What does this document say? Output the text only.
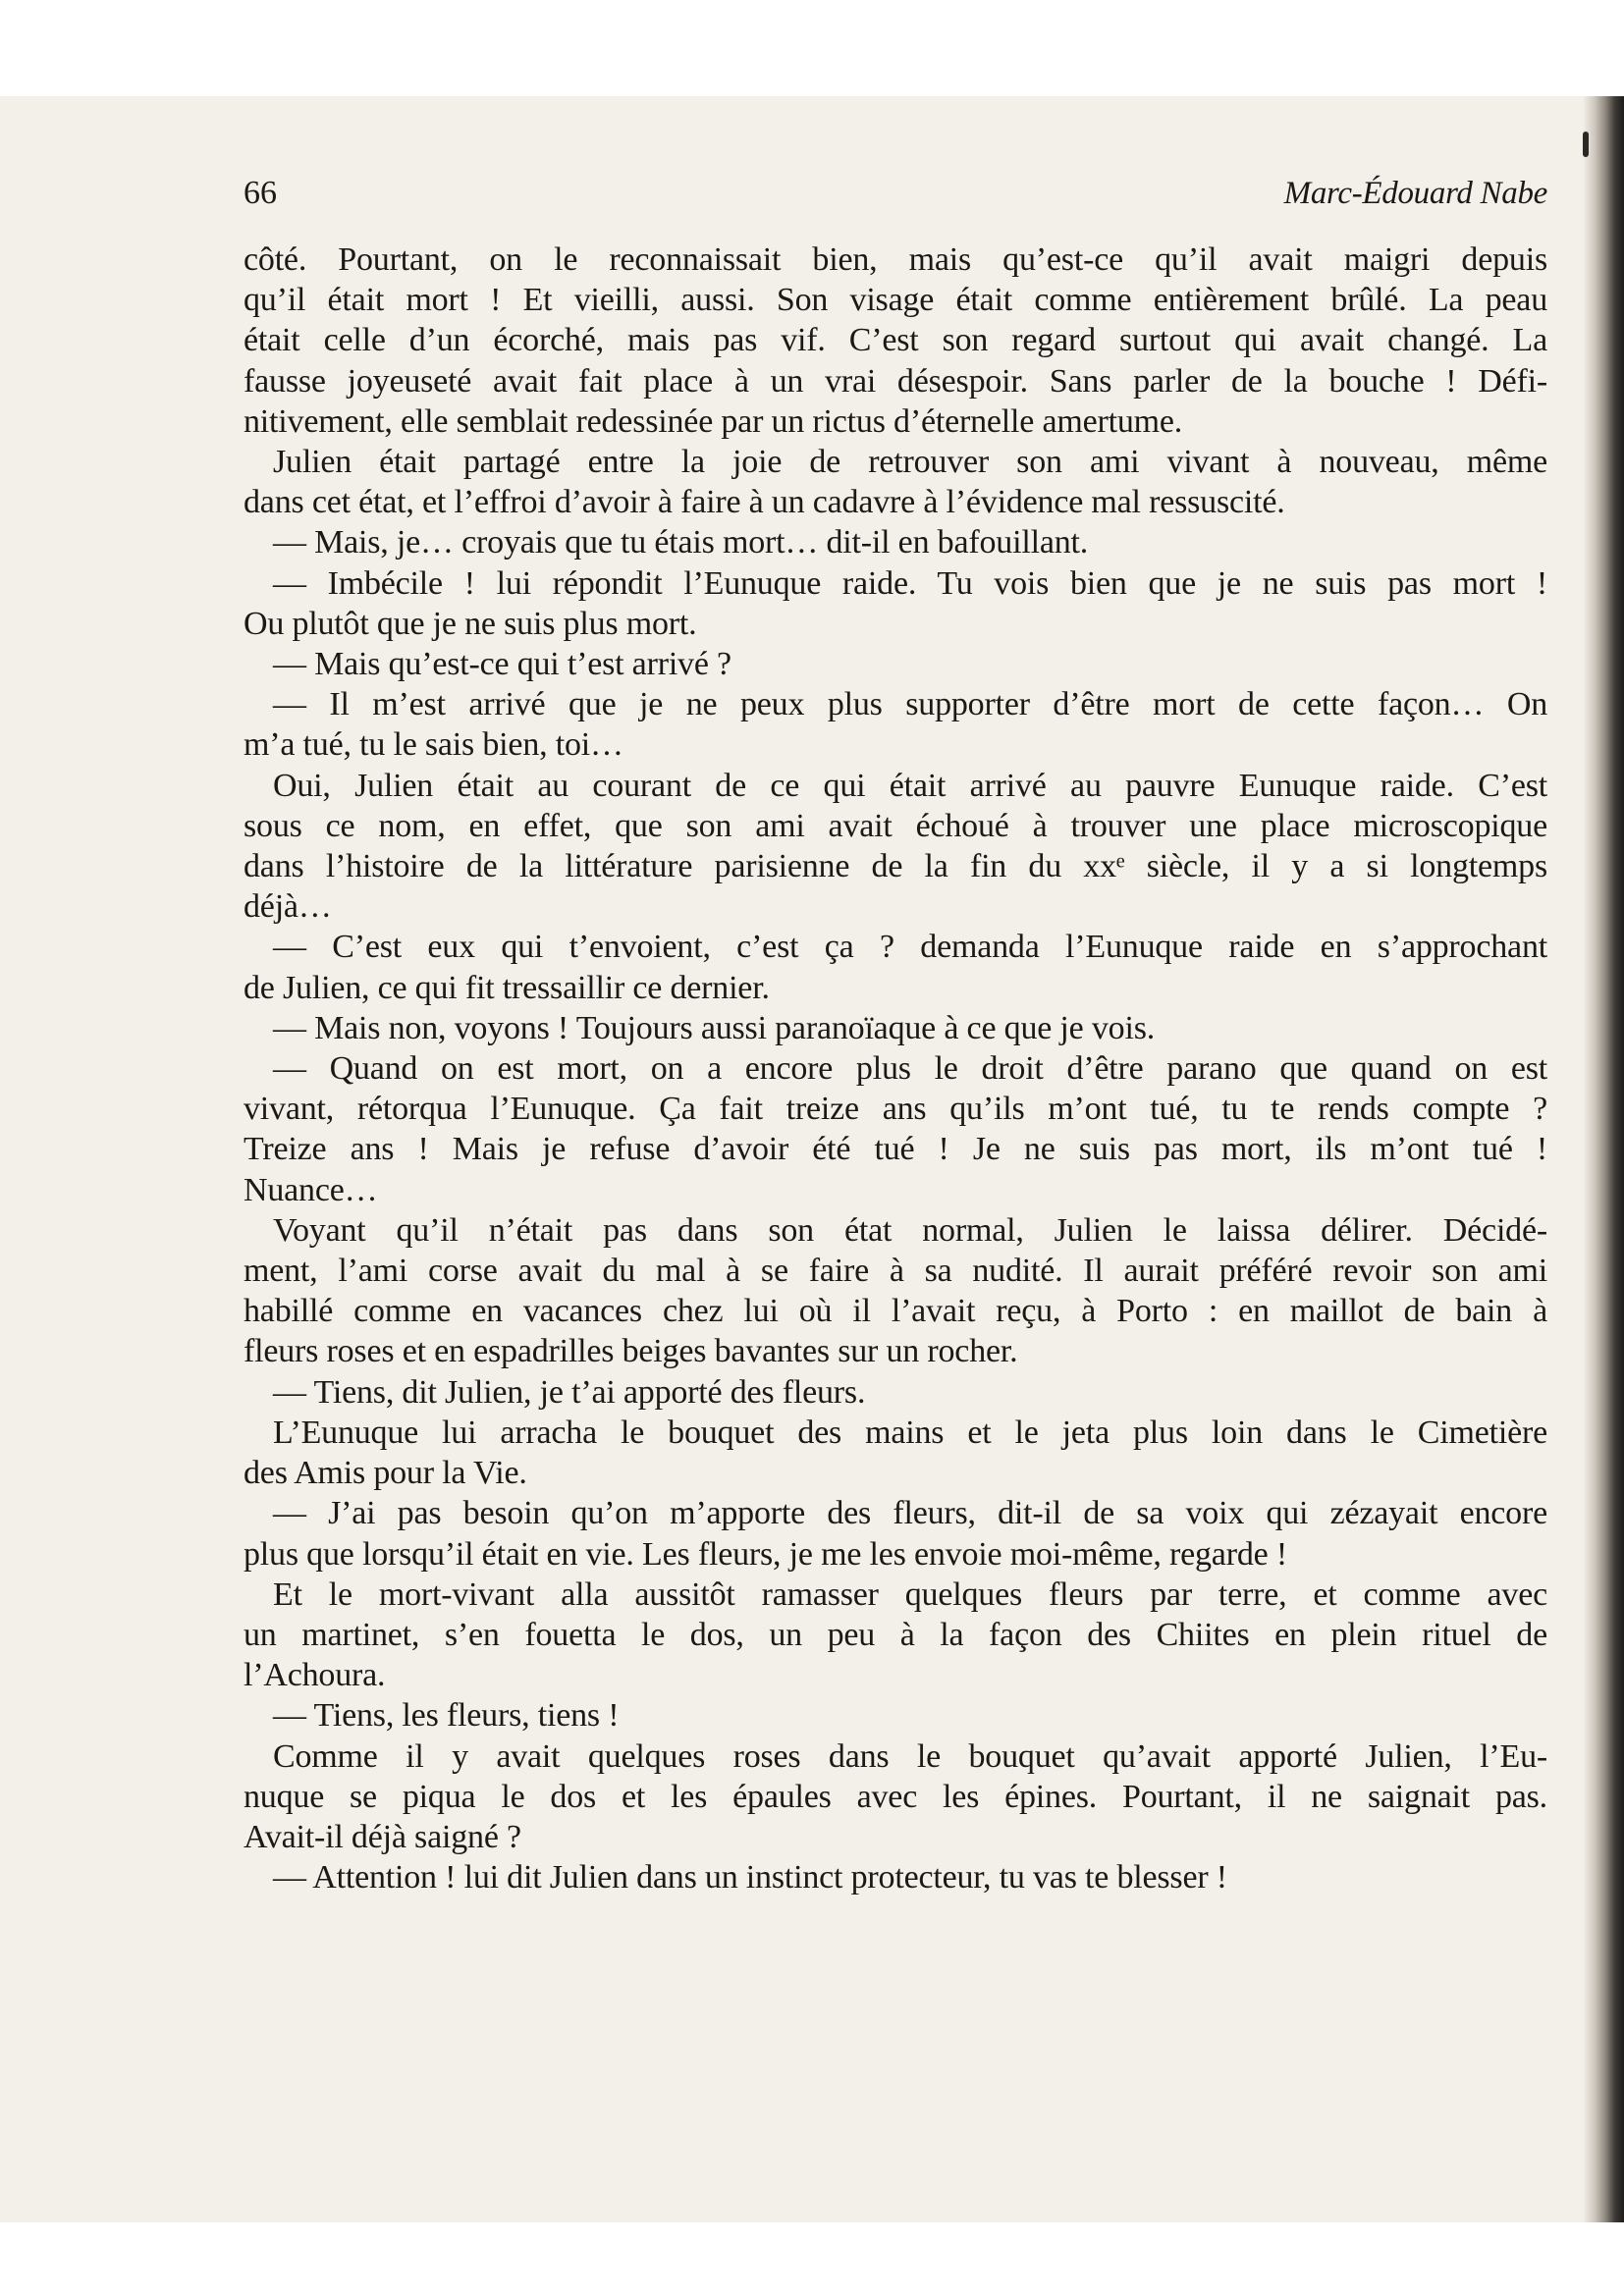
66	Marc-Édouard Nabe
côté. Pourtant, on le reconnaissait bien, mais qu’est-ce qu’il avait maigri depuis
qu’il était mort ! Et vieilli, aussi. Son visage était comme entièrement brûlé. La peau
était celle d’un écorché, mais pas vif. C’est son regard surtout qui avait changé. La
fausse joyeuseté avait fait place à un vrai désespoir. Sans parler de la bouche ! Défi-
nitivement, elle semblait redessinée par un rictus d’éternelle amertume.
Julien était partagé entre la joie de retrouver son ami vivant à nouveau, même
dans cet état, et l’effroi d’avoir à faire à un cadavre à l’évidence mal ressuscité.
— Mais, je… croyais que tu étais mort… dit-il en bafouillant.
— Imbécile ! lui répondit l’Eunuque raide. Tu vois bien que je ne suis pas mort !
Ou plutôt que je ne suis plus mort.
— Mais qu’est-ce qui t’est arrivé ?
— Il m’est arrivé que je ne peux plus supporter d’être mort de cette façon… On
m’a tué, tu le sais bien, toi…
Oui, Julien était au courant de ce qui était arrivé au pauvre Eunuque raide. C’est
sous ce nom, en effet, que son ami avait échoué à trouver une place microscopique
dans l’histoire de la littérature parisienne de la fin du xxᵉ siècle, il y a si longtemps
déjà…
— C’est eux qui t’envoient, c’est ça ? demanda l’Eunuque raide en s’approchant
de Julien, ce qui fit tressaillir ce dernier.
— Mais non, voyons ! Toujours aussi paranoïaque à ce que je vois.
— Quand on est mort, on a encore plus le droit d’être parano que quand on est
vivant, rétorqua l’Eunuque. Ça fait treize ans qu’ils m’ont tué, tu te rends compte ?
Treize ans ! Mais je refuse d’avoir été tué ! Je ne suis pas mort, ils m’ont tué !
Nuance…
Voyant qu’il n’était pas dans son état normal, Julien le laissa délirer. Décidé-
ment, l’ami corse avait du mal à se faire à sa nudité. Il aurait préféré revoir son ami
habillé comme en vacances chez lui où il l’avait reçu, à Porto : en maillot de bain à
fleurs roses et en espadrilles beiges bavantes sur un rocher.
— Tiens, dit Julien, je t’ai apporté des fleurs.
L’Eunuque lui arracha le bouquet des mains et le jeta plus loin dans le Cimetière
des Amis pour la Vie.
— J’ai pas besoin qu’on m’apporte des fleurs, dit-il de sa voix qui zézayait encore
plus que lorsqu’il était en vie. Les fleurs, je me les envoie moi-même, regarde !
Et le mort-vivant alla aussitôt ramasser quelques fleurs par terre, et comme avec
un martinet, s’en fouetta le dos, un peu à la façon des Chiites en plein rituel de
l’Achoura.
— Tiens, les fleurs, tiens !
Comme il y avait quelques roses dans le bouquet qu’avait apporté Julien, l’Eu-
nuque se piqua le dos et les épaules avec les épines. Pourtant, il ne saignait pas.
Avait-il déjà saigné ?
— Attention ! lui dit Julien dans un instinct protecteur, tu vas te blesser !
